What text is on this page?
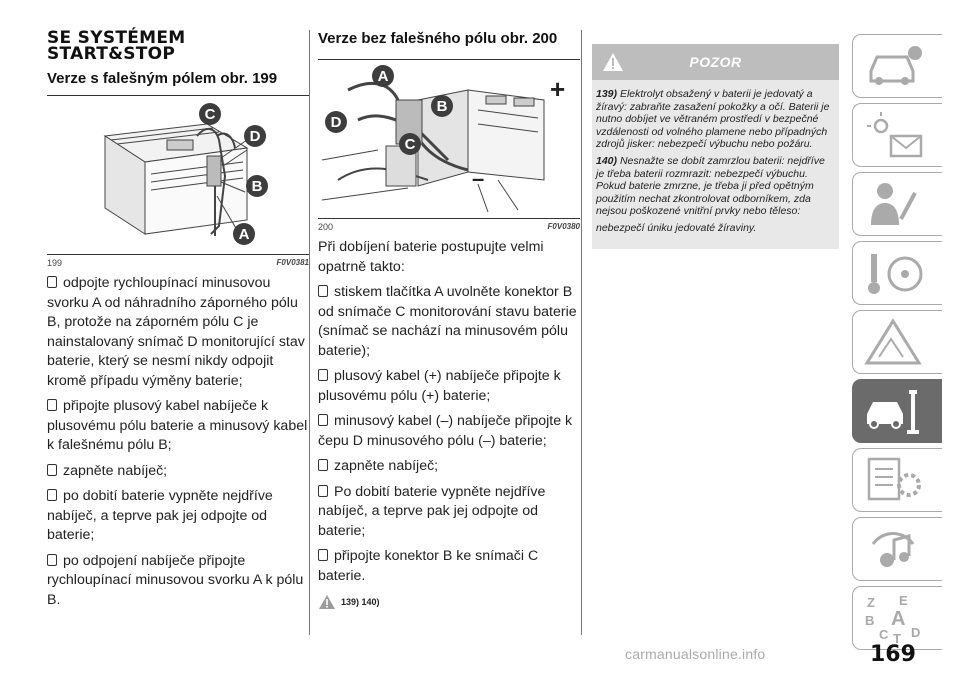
SE SYSTÉMEM
START&STOP
Verze s falešným pólem obr. 199
C
D
B
A
199	F0V0381

odpojte rychloupínací minusovou svorku A od náhradního záporného pólu B, protože na záporném pólu C je nainstalovaný snímač D monitorující stav baterie, který se nesmí nikdy odpojit kromě případu výměny baterie;

připojte plusový kabel nabíječe k plusovému pólu baterie a minusový kabel k falešnému pólu B;

zapněte nabíječ;

po dobití baterie vypněte nejdříve nabíječ, a teprve pak jej odpojte od baterie;

po odpojení nabíječe připojte rychloupínací minusovou svorku A k pólu B.

Verze bez falešného pólu obr. 200
+
–
A
B
D
C
200	F0V0380

Při dobíjení baterie postupujte velmi opatrně takto:

stiskem tlačítka A uvolněte konektor B od snímače C monitorování stavu baterie (snímač se nachází na minusovém pólu baterie);

plusový kabel (+) nabíječe připojte k plusovému pólu (+) baterie;

minusový kabel (–) nabíječe připojte k čepu D minusového pólu (–) baterie;

zapněte nabíječ;

Po dobití baterie vypněte nejdříve nabíječ, a teprve pak jej odpojte od baterie;

připojte konektor B ke snímači C baterie.

139) 140)
POZOR

139) Elektrolyt obsažený v baterii je jedovatý a žíravý: zabraňte zasažení pokožky a očí. Baterii je nutno dobíjet ve větraném prostředí v bezpečné vzdálenosti od volného plamene nebo případných zdrojů jisker: nebezpečí výbuchu nebo požáru.

140) Nesnažte se dobít zamrzlou baterii: nejdříve je třeba baterii rozmrazit: nebezpečí výbuchu. Pokud baterie zmrzne, je třeba ji před opětným použitím nechat zkontrolovat odborníkem, zda nejsou poškozené vnitřní prvky nebo těleso:

nebezpečí úniku jedovaté žíraviny.

Z E
B A
C T D
carmanualsonline.info	169
